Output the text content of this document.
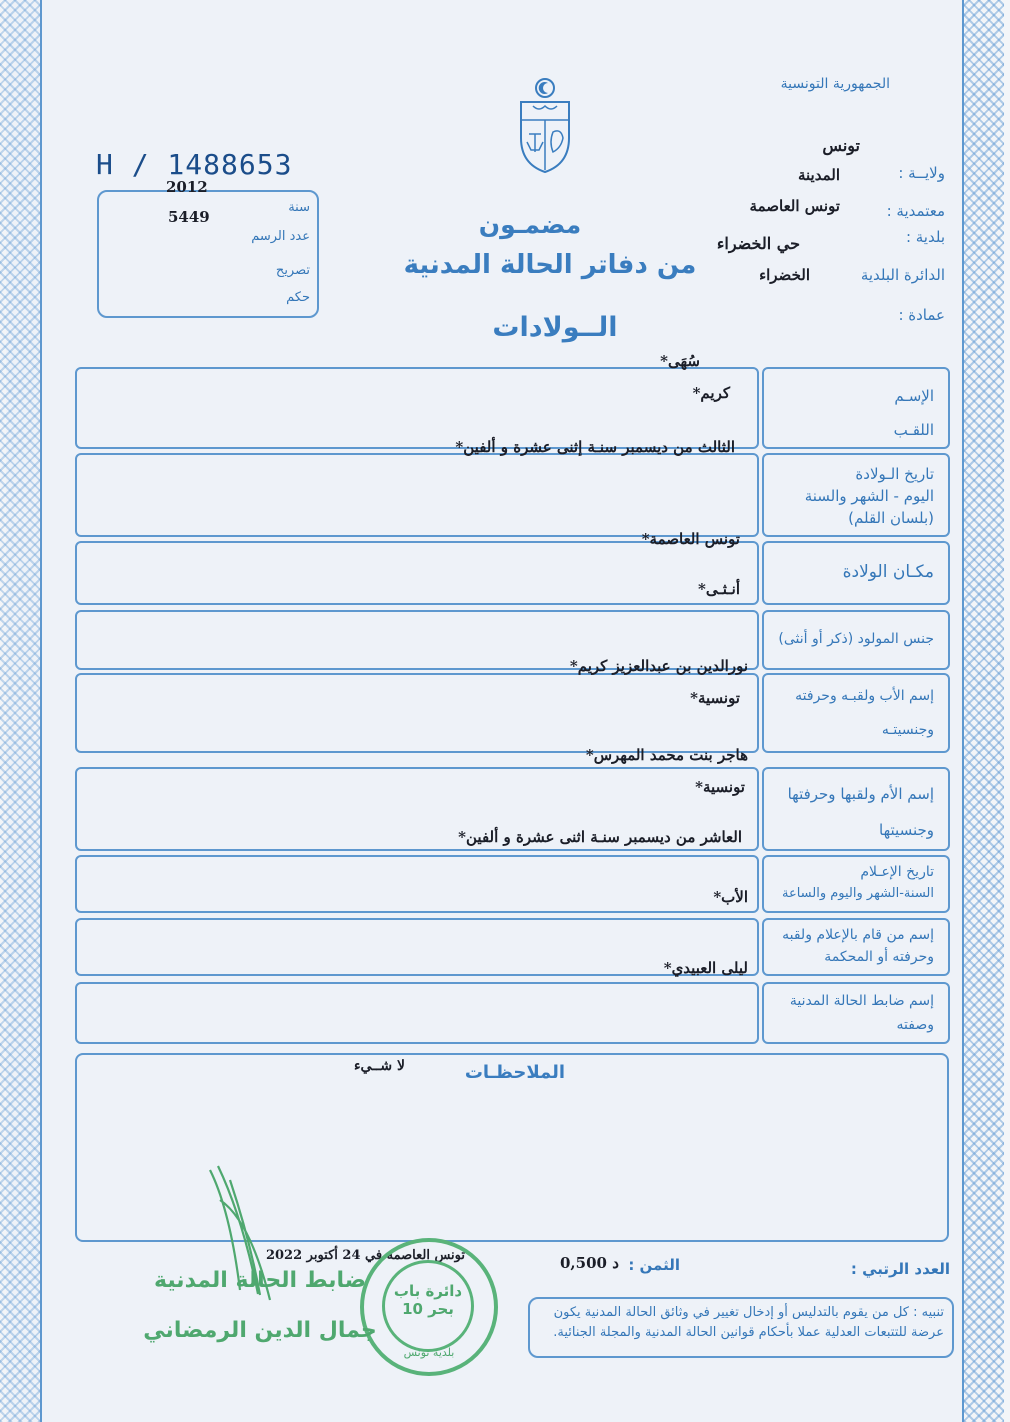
الجمهورية التونسية
تونس
ولايــة :
المدينة
معتمدية :
تونس العاصمة
بلدية :
حي الخضراء
الدائرة البلدية
الخضراء
عمادة :
H / 1488653
2012
5449
سنة
عدد الرسم
تصريح
حكم
مضمـون
من دفاتر الحالة المدنية
الــولادات
الإسـم
اللقـب
سُهَى*
كريم*
تاريخ الـولادة
اليوم - الشهر والسنة
(بلسان القلم)
الثالث من ديسمبر سنـة إثنى عشرة و ألفين*
مكـان الولادة
تونس العاصمة*
جنس المولود (ذكر أو أنثى)
أنـثـى*
إسم الأب ولقبـه وحرفته
وجنسيتـه
نورالدين بن عبدالعزيز كريم*
تونسية*
إسم الأم ولقبها وحرفتها
وجنسيتها
هاجر بنت محمد المهرس*
تونسية*
تاريخ الإعـلام
السنة-الشهر واليوم والساعة
العاشر من ديسمبر سنـة اثنى عشرة و ألفين*
إسم من قام بالإعلام ولقبه
وحرفته أو المحكمة
الأب*
إسم ضابط الحالة المدنية
وصفته
ليلى العبيدي*
الملاحظـات
لا شــيء
العدد الرتبي :
الثمن :
0,500 د
تونس العاصمة في 24 أكتوبر 2022
تنبيه : كل من يقوم بالتدليس أو إدخال تغيير في وثائق الحالة المدنية يكون عرضة للتتبعات العدلية عملا بأحكام قوانين الحالة المدنية والمجلة الجنائية.
دائرة باب بحر 10
بلدية تونس
ضابط الحالة المدنية
جمال الدين الرمضاني
